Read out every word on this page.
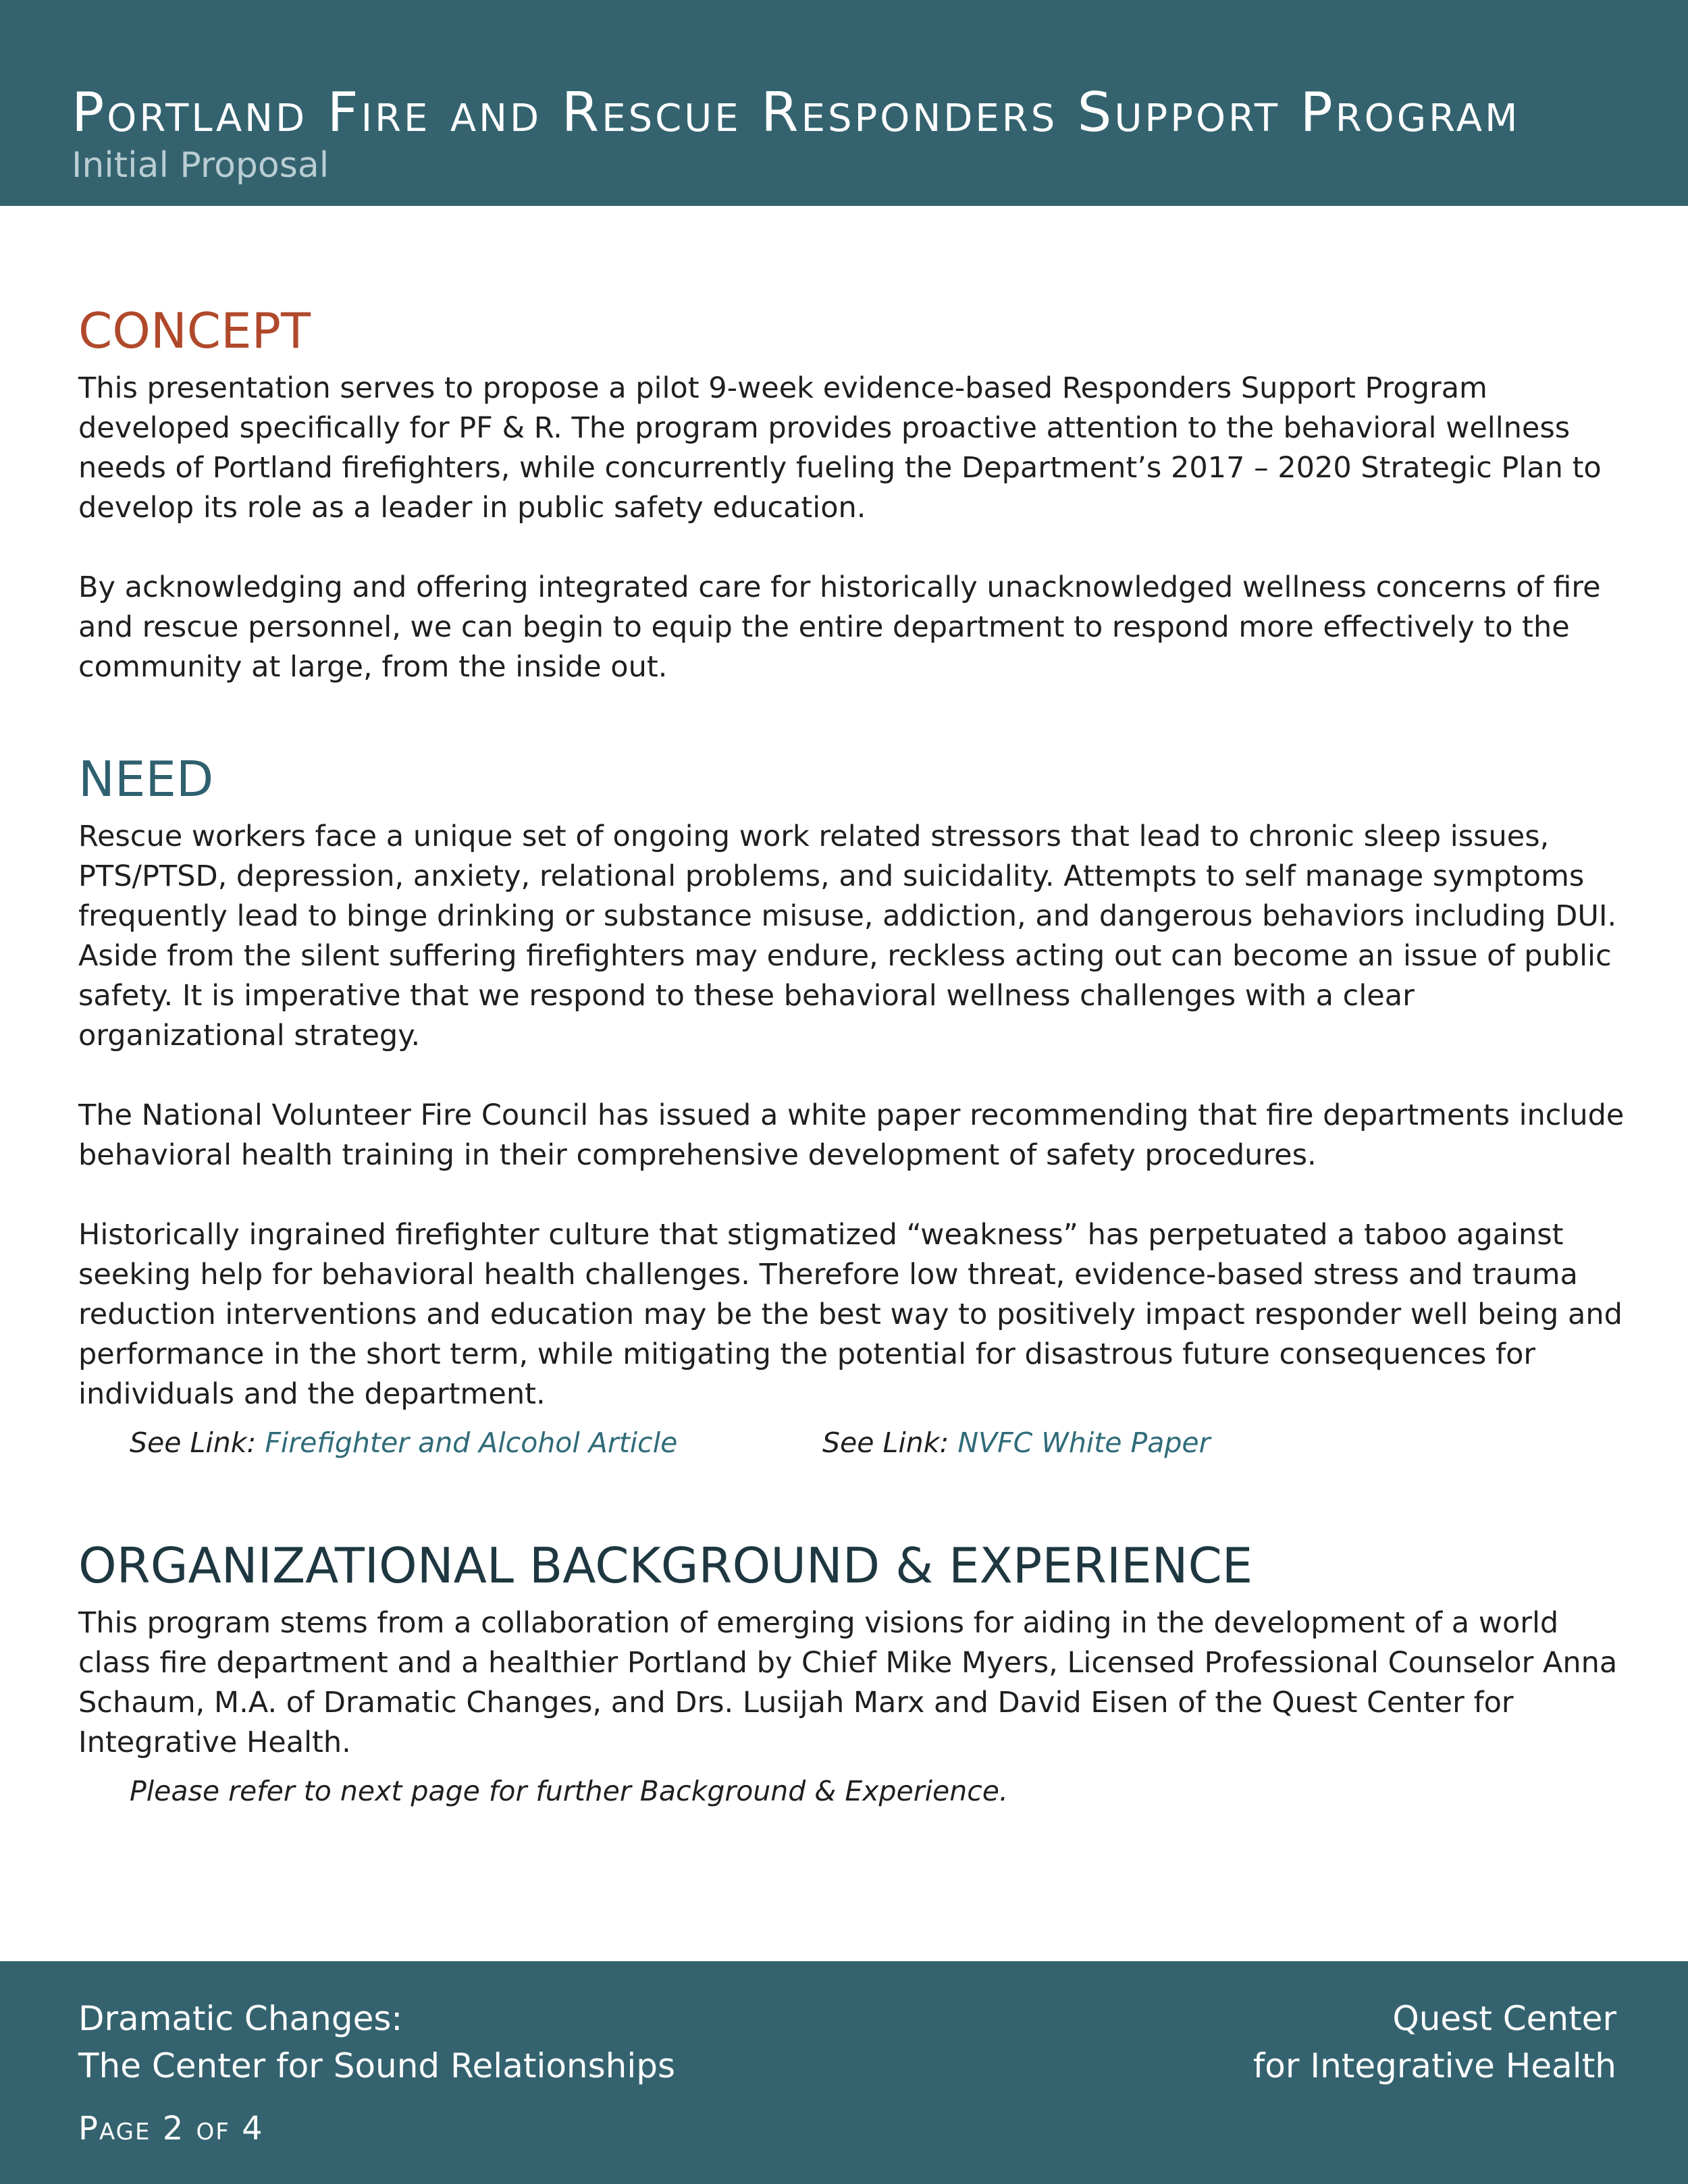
Portland Fire and Rescue Responders Support Program
Initial Proposal
CONCEPT

This presentation serves to propose a pilot 9-week evidence-based Responders Support Program developed specifically for PF & R. The program provides proactive attention to the behavioral wellness needs of Portland firefighters, while concurrently fueling the Department’s 2017 – 2020 Strategic Plan to develop its role as a leader in public safety education.

By acknowledging and offering integrated care for historically unacknowledged wellness concerns of fire and rescue personnel, we can begin to equip the entire department to respond more effectively to the community at large, from the inside out.

NEED

Rescue workers face a unique set of ongoing work related stressors that lead to chronic sleep issues, PTS/PTSD, depression, anxiety, relational problems, and suicidality. Attempts to self manage symptoms frequently lead to binge drinking or substance misuse, addiction, and dangerous behaviors including DUI. Aside from the silent suffering firefighters may endure, reckless acting out can become an issue of public safety. It is imperative that we respond to these behavioral wellness challenges with a clear organizational strategy.

The National Volunteer Fire Council has issued a white paper recommending that fire departments include behavioral health training in their comprehensive development of safety procedures.

Historically ingrained firefighter culture that stigmatized “weakness” has perpetuated a taboo against seeking help for behavioral health challenges. Therefore low threat, evidence-based stress and trauma reduction interventions and education may be the best way to positively impact responder well being and performance in the short term, while mitigating the potential for disastrous future consequences for individuals and the department.

See Link: Firefighter and Alcohol Article	See Link: NVFC White Paper
ORGANIZATIONAL BACKGROUND & EXPERIENCE

This program stems from a collaboration of emerging visions for aiding in the development of a world class fire department and a healthier Portland by Chief Mike Myers, Licensed Professional Counselor Anna Schaum, M.A. of Dramatic Changes, and Drs. Lusijah Marx and David Eisen of the Quest Center for Integrative Health.

Please refer to next page for further Background & Experience.
Dramatic Changes:
The Center for Sound Relationships
Quest Center
for Integrative Health
Page 2 of 4
